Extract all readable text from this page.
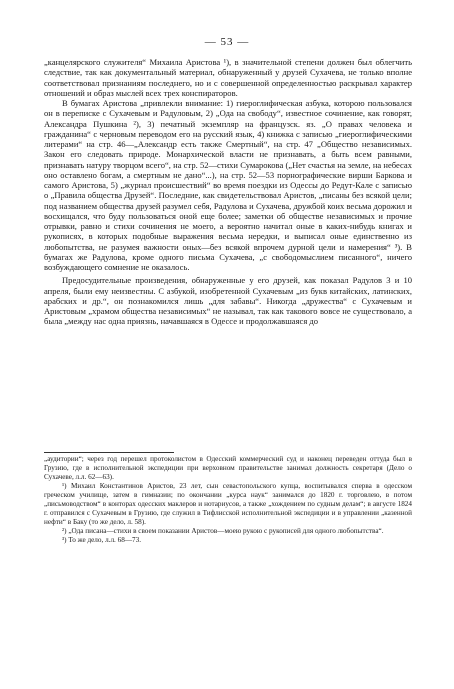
— 53 —

„канцелярского служителя“ Михаила Аристова ¹), в значительной степени должен был облегчить следствие, так как документальный материал, обнаруженный у друзей Сухачева, не только вполне соответствовал признаниям последнего, но и с совершенной определенностью раскрывал характер отношений и образ мыслей всех трех конспираторов.

В бумагах Аристова „привлекли внимание: 1) гиероглифическая азбука, которою пользовался он в переписке с Сухачевым и Радуловым, 2) „Ода на свободу“, известное сочинение, как говорят, Александра Пушкина ²), 3) печатный экземпляр на французск. яз. „О правах человека и гражданина“ с черновым переводом его на русский язык, 4) книжка с записью „гиероглифическими литерами“ на стр. 46—„Александр есть также Смертный“, на стр. 47 „Общество независимых. Закон его следовать природе. Монархической власти не признавать, а быть всем равными, признавать натуру творцом всего“, на стр. 52—стихи Сумарокова („Нет счастья на земле, на небесах оно оставлено богам, а смертным не дано“...), на стр. 52—53 порнографические вирши Баркова и самого Аристова, 5) „журнал происшествий“ во время поездки из Одессы до Редут-Кале с записью о „Правила общества Друзей“. Последние, как свидетельствовал Аристов, „писаны без всякой цели; под названием общества друзей разумел себя, Радулова и Сухачева, дружбой коих весьма дорожил и восхищался, что буду пользоваться оной еще более; заметки об обществе независимых и прочие отрывки, равно и стихи сочинения не моего, а вероятно начитал оные в каких-нибудь книгах и рукописях, в которых подобные выражения весьма нередки, и выписал оные единственно из любопытства, не разумея важности оных—без всякой впрочем дурной цели и намерения“ ³). В бумагах же Радулова, кроме одного письма Сухачева, „с свободомыслием писанного“, ничего возбуждающего сомнение не оказалось.

Предосудительные произведения, обнаруженные у его друзей, как показал Радулов 3 и 10 апреля, были ему неизвестны. С азбукой, изобретенной Сухачевым „из букв китайских, латинских, арабских и др.“, он познакомился лишь „для забавы“. Никогда „дружества“ с Сухачевым и Аристовым „храмом общества независимых“ не называл, так как такового вовсе не существовало, а была „между нас одна приязнь, начавшаяся в Одессе и продолжавшаяся до

„аудитории“; через год перешел протоколистом в Одесский коммерческий суд и наконец переведен оттуда был в Грузию, где в исполнительной экспедиции при верховном правительстве занимал должность секретаря (Дело о Сухачеве, л.л. 62—63).

¹) Михаил Константинов Аристов, 23 лет, сын севастопольского купца, воспитывался сперва в одесском греческом училище, затем в гимназии; по окончании „курса наук“ занимался до 1820 г. торговлею, в потом „письмоводством“ в конторах одесских маклеров и нотариусов, а также „хождением по судным делам“; в августе 1824 г. отправился с Сухачевым в Грузию, где служил в Тифлисской исполнительной экспедиции и в управлении „казенной нефти“ в Баку (то же дело, л. 58).

²) „Ода писана—стихи в своем показании Аристов—моею рукою с рукописей для одного любопытства“.

³) То же дело, л.л. 68—73.
